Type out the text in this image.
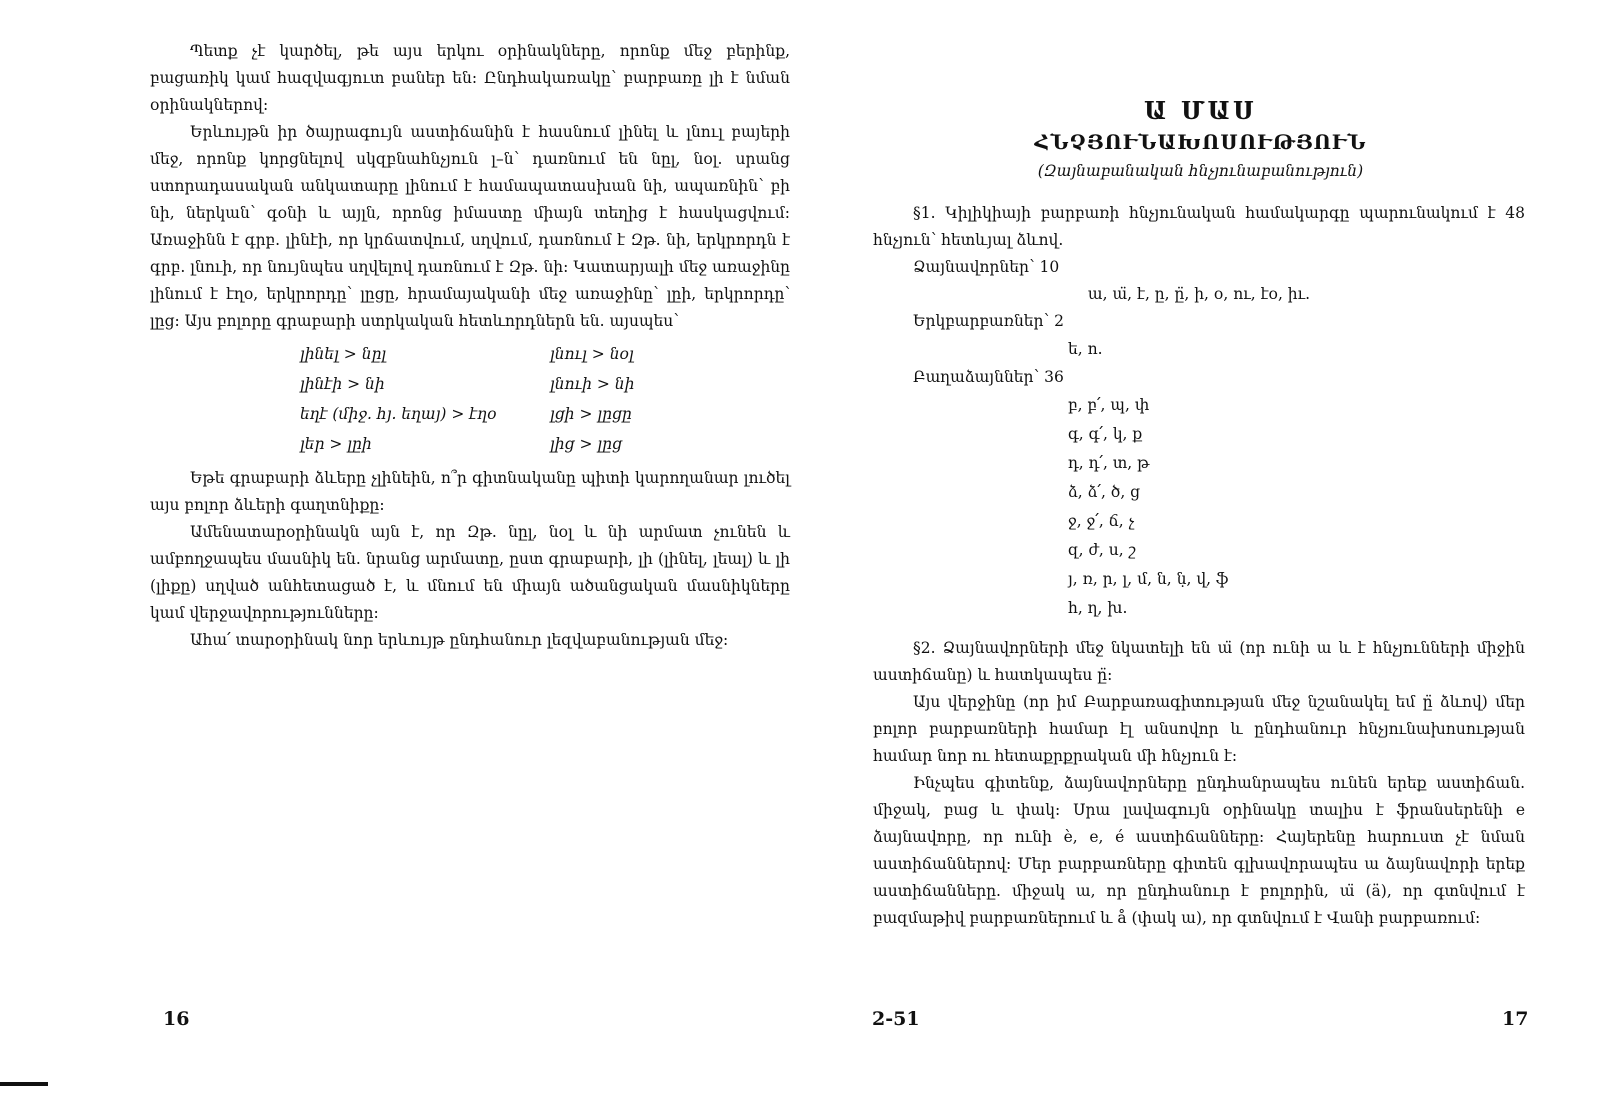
Պետք չէ կարծել, թե այս երկու օրինակները, որոնք մեջ բերինք, բացառիկ կամ հազվագյուտ բաներ են: Ընդհակառակը՝ բարբառը լի է նման օրինակներով:

Երևույթն իր ծայրագույն աստիճանին է հասնում լինել և լնուլ բայերի մեջ, որոնք կորցնելով սկզբնահնչյուն լ–ն՝ դառնում են նըլ, նօլ. սրանց ստորադասական անկատարը լինում է համապատասխան նի, ապառնին՝ բի նի, ներկան՝ գօնի և այլն, որոնց իմաստը միայն տեղից է հասկացվում: Առաջինն է գրբ. լինէի, որ կրճատվում, սղվում, դառնում է Զթ. նի, երկրորդն է գրբ. լնուի, որ նույնպես սղվելով դառնում է Զթ. նի: Կատարյալի մեջ առաջինը լինում է էղօ, երկրորդը՝ լըցը, հրամայականի մեջ առաջինը՝ լըի, երկրորդը՝ լըց: Այս բոլորը գրաբարի ստրկական հետևորդներն են. այսպես՝

լինել > նըլ	լնուլ > նօլ
լինէի > նի	լնուի > նի
եղէ (միջ. հյ. եղայ) > էղօ	լցի > լըցը
լեր > լըի	լից > լըց

Եթե գրաբարի ձևերը չլինեին, ո՞ր գիտնականը պիտի կարողանար լուծել այս բոլոր ձևերի գաղտնիքը:

Ամենատարօրինակն այն է, որ Զթ. նըլ, նօլ և նի արմատ չունեն և ամբողջապես մասնիկ են. նրանց արմատը, ըստ գրաբարի, լի (լինել, լեալ) և լի (լիքը) սղված անհետացած է, և մնում են միայն ածանցական մասնիկները կամ վերջավորությունները:

Ահա՛ տարօրինակ նոր երևույթ ընդհանուր լեզվաբանության մեջ:

16
Ա ՄԱՍ
ՀՆՉՅՈՒՆԱԽՈՍՈՒԹՅՈՒՆ
(Զայնաբանական հնչյունաբանություն)

§1. Կիլիկիայի բարբառի հնչյունական համակարգը պարունակում է 48 հնչյուն՝ հետևյալ ձևով.

Ձայնավորներ՝ 10
ա, ա̈, է, ը, ը̈, ի, օ, ու, էօ, իւ.
Երկբարբառներ՝ 2
ե, ո.
Բաղաձայններ՝ 36
բ, բ՛, պ, փ
գ, գ՛, կ, ք
դ, դ՛, տ, թ
ձ, ձ՛, ծ, ց
ջ, ջ՛, ճ, չ
զ, ժ, ս, շ
յ, ռ, ր, լ, մ, ն, ն̣, վ, ֆ
հ, ղ, խ.

§2. Ձայնավորների մեջ նկատելի են ա̈ (որ ունի ա և է հնչյունների միջին աստիճանը) և հատկապես ը̈:

Այս վերջինը (որ իմ Բարբառագիտության մեջ նշանակել եմ ը̈ ձևով) մեր բոլոր բարբառների համար էլ անսովոր և ընդհանուր հնչյունախոսության համար նոր ու հետաքրքրական մի հնչյուն է:

Ինչպես գիտենք, ձայնավորները ընդհանրապես ունեն երեք աստիճան. միջակ, բաց և փակ: Սրա լավագույն օրինակը տալիս է ֆրանսերենի e ձայնավորը, որ ունի è, e, é աստիճանները: Հայերենը հարուստ չէ նման աստիճաններով: Մեր բարբառները գիտեն գլխավորապես ա ձայնավորի երեք աստիճանները. միջակ ա, որ ընդհանուր է բոլորին, ա̈ (ä), որ գտնվում է բազմաթիվ բարբառներում և å (փակ ա), որ գտնվում է Վանի բարբառում:

2-51	17
